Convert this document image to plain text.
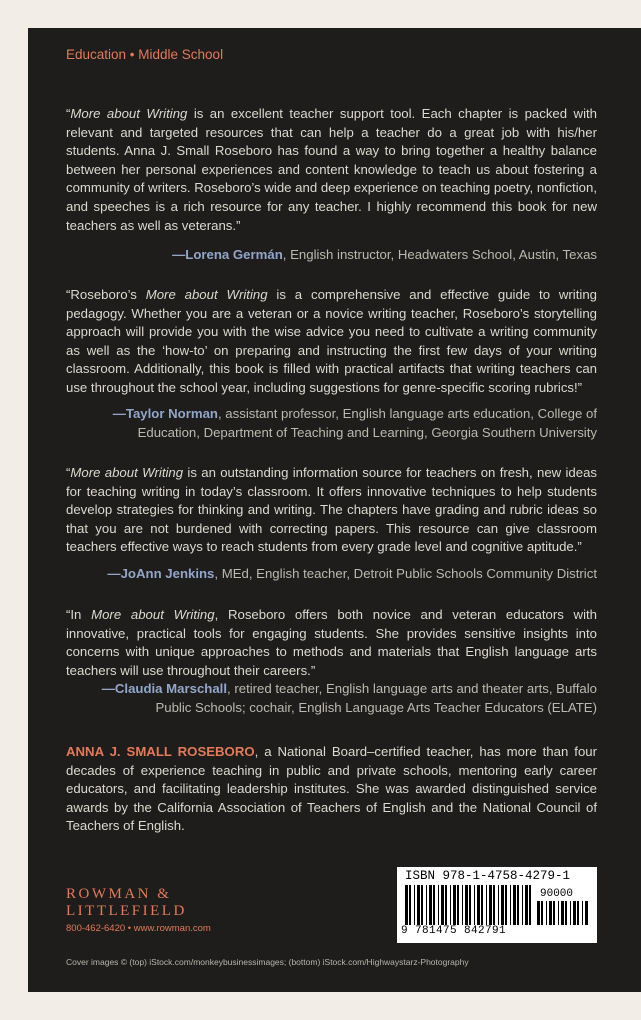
Education • Middle School
“More about Writing is an excellent teacher support tool. Each chapter is packed with relevant and targeted resources that can help a teacher do a great job with his/her students. Anna J. Small Roseboro has found a way to bring together a healthy balance between her personal experiences and content knowledge to teach us about fostering a community of writers. Roseboro’s wide and deep experience on teaching poetry, nonfiction, and speeches is a rich resource for any teacher. I highly recommend this book for new teachers as well as veterans.”
—Lorena Germán, English instructor, Headwaters School, Austin, Texas
“Roseboro’s More about Writing is a comprehensive and effective guide to writing pedagogy. Whether you are a veteran or a novice writing teacher, Roseboro’s storytelling approach will provide you with the wise advice you need to cultivate a writing community as well as the ‘how-to’ on preparing and instructing the first few days of your writing classroom. Additionally, this book is filled with practical artifacts that writing teachers can use throughout the school year, including suggestions for genre-specific scoring rubrics!”
—Taylor Norman, assistant professor, English language arts education, College of Education, Department of Teaching and Learning, Georgia Southern University
“More about Writing is an outstanding information source for teachers on fresh, new ideas for teaching writing in today’s classroom. It offers innovative techniques to help students develop strategies for thinking and writing. The chapters have grading and rubric ideas so that you are not burdened with correcting papers. This resource can give classroom teachers effective ways to reach students from every grade level and cognitive aptitude.”
—JoAnn Jenkins, MEd, English teacher, Detroit Public Schools Community District
“In More about Writing, Roseboro offers both novice and veteran educators with innovative, practical tools for engaging students. She provides sensitive insights into concerns with unique approaches to methods and materials that English language arts teachers will use throughout their careers.”
—Claudia Marschall, retired teacher, English language arts and theater arts, Buffalo Public Schools; cochair, English Language Arts Teacher Educators (ELATE)
ANNA J. SMALL ROSEBORO, a National Board–certified teacher, has more than four decades of experience teaching in public and private schools, mentoring early career educators, and facilitating leadership institutes. She was awarded distinguished service awards by the California Association of Teachers of English and the National Council of Teachers of English.
ROWMAN &
LITTLEFIELD
800-462-6420 • www.rowman.com
ISBN 978-1-4758-4279-1
90000
9 781475 842791
Cover images © (top) iStock.com/monkeybusinessimages; (bottom) iStock.com/Highwaystarz-Photography
